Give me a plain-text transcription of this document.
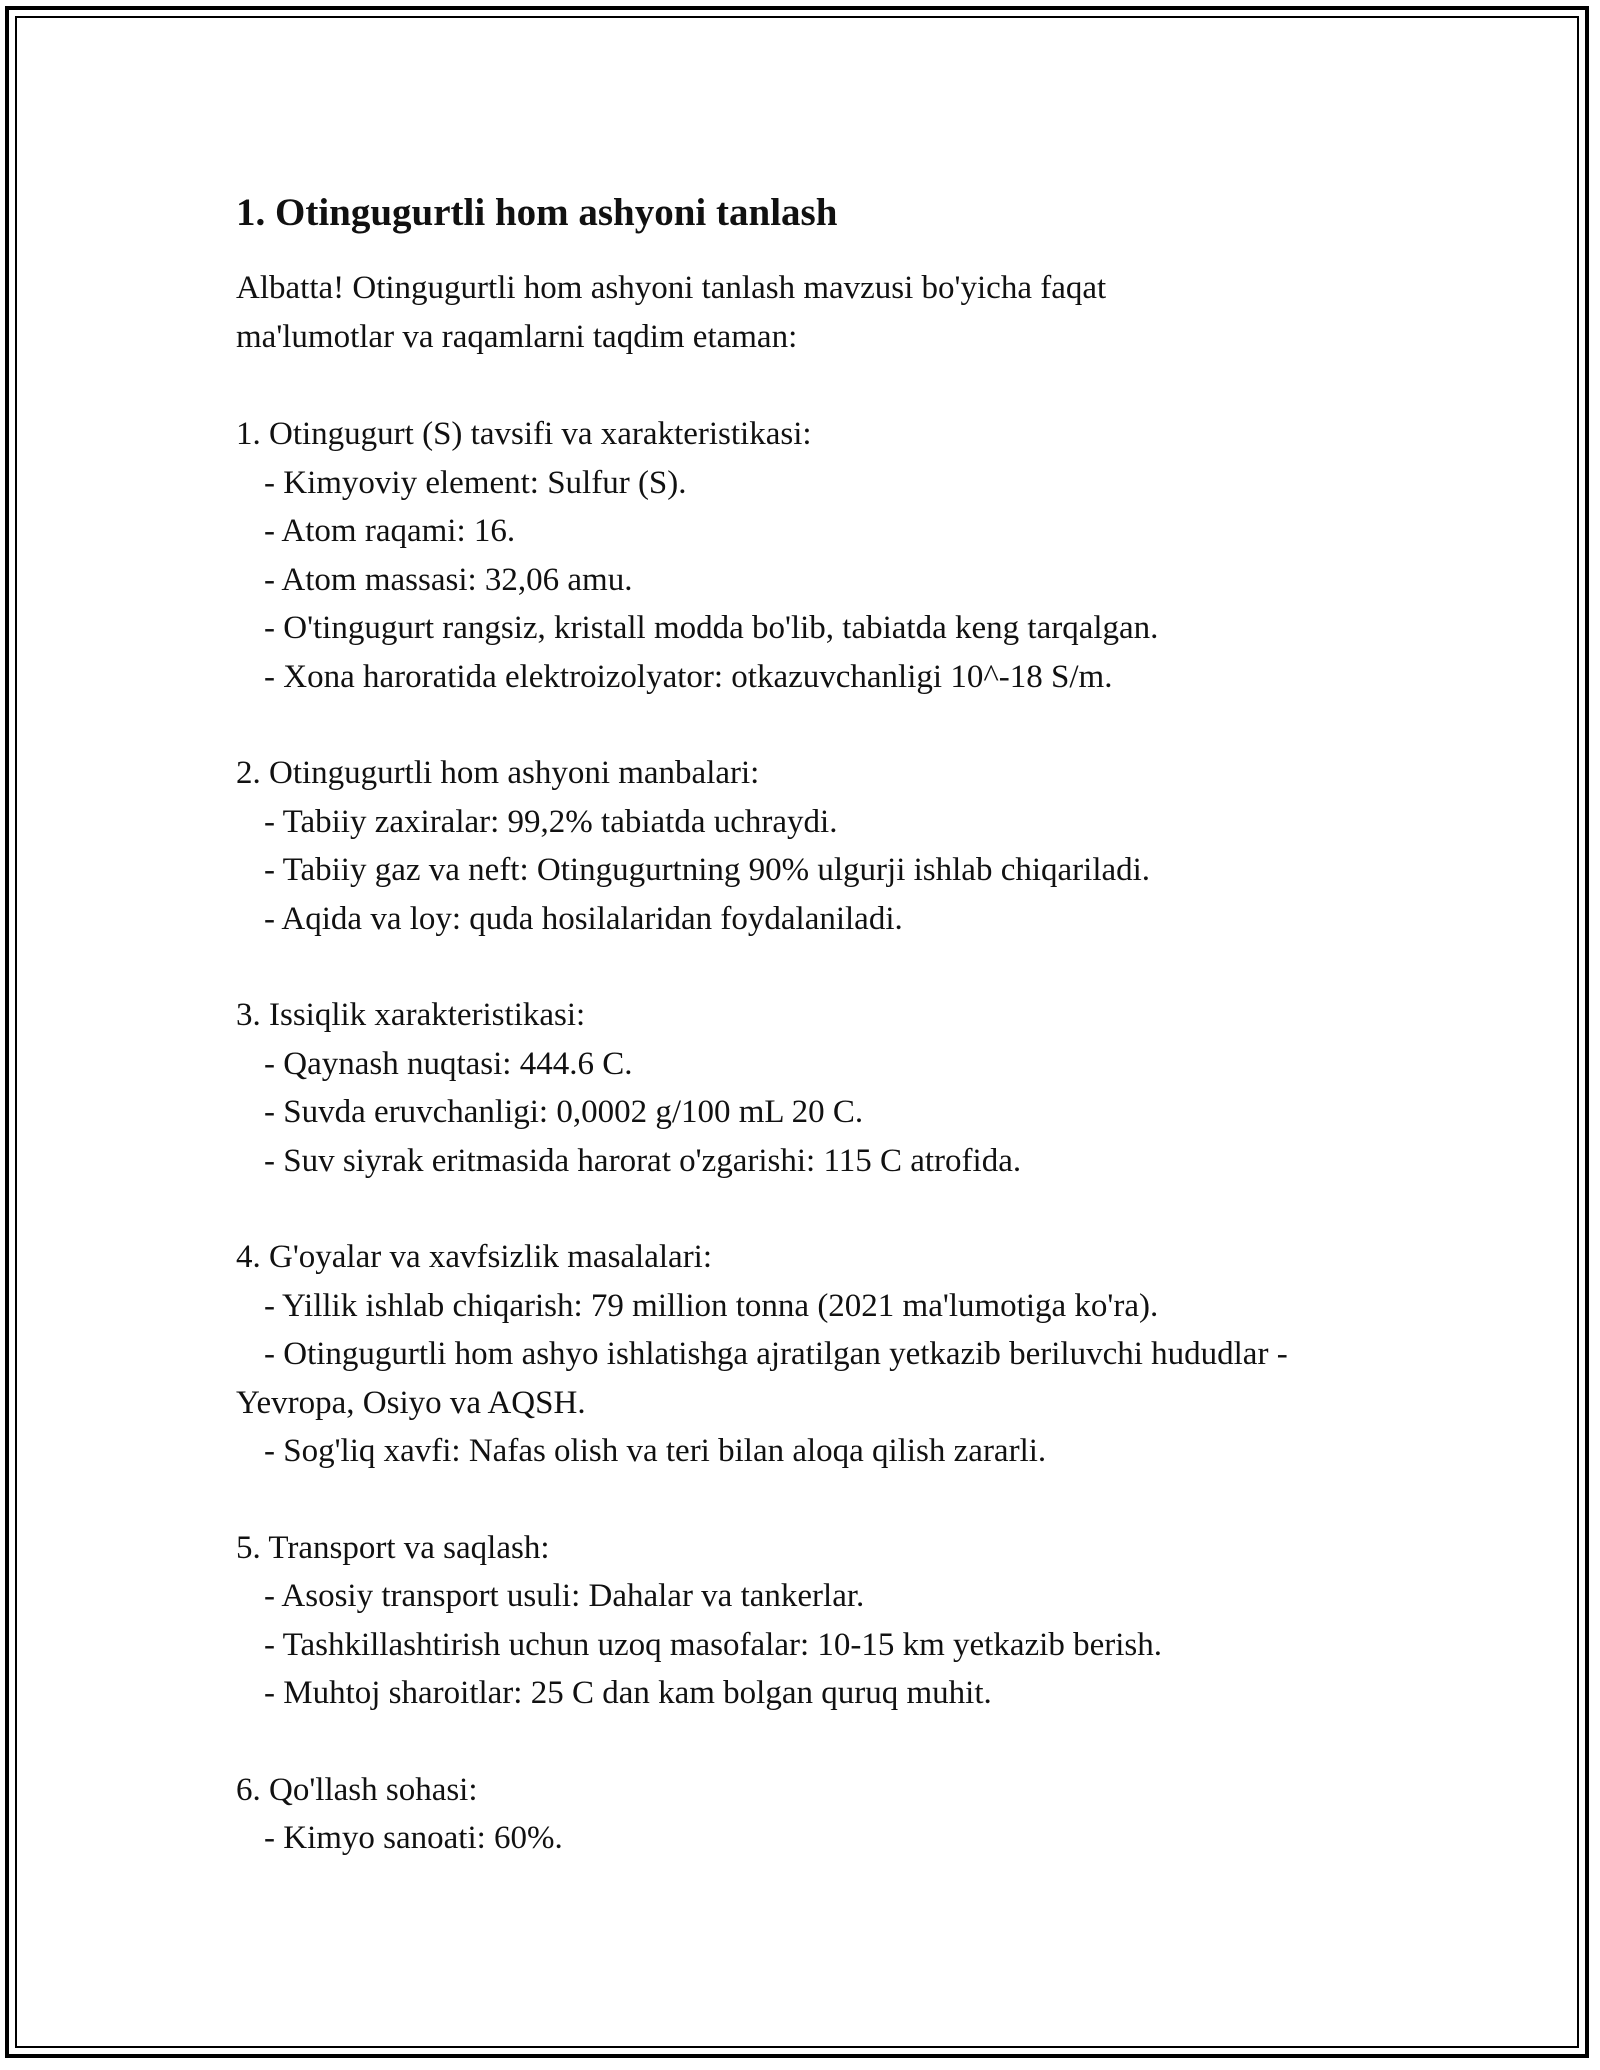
1. Otingugurtli hom ashyoni tanlash

Albatta! Otingugurtli hom ashyoni tanlash mavzusi bo'yicha faqat

ma'lumotlar va raqamlarni taqdim etaman:

1. Otingugurt (S) tavsifi va xarakteristikasi:

- Kimyoviy element: Sulfur (S).

- Atom raqami: 16.

- Atom massasi: 32,06 amu.

- O'tingugurt rangsiz, kristall modda bo'lib, tabiatda keng tarqalgan.

- Xona haroratida elektroizolyator: otkazuvchanligi 10^-18 S/m.

2. Otingugurtli hom ashyoni manbalari:

- Tabiiy zaxiralar: 99,2% tabiatda uchraydi.

- Tabiiy gaz va neft: Otingugurtning 90% ulgurji ishlab chiqariladi.

- Aqida va loy: quda hosilalaridan foydalaniladi.

3. Issiqlik xarakteristikasi:

- Qaynash nuqtasi: 444.6 C.

- Suvda eruvchanligi: 0,0002 g/100 mL 20 C.

- Suv siyrak eritmasida harorat o'zgarishi: 115 C atrofida.

4. G'oyalar va xavfsizlik masalalari:

- Yillik ishlab chiqarish: 79 million tonna (2021 ma'lumotiga ko'ra).

- Otingugurtli hom ashyo ishlatishga ajratilgan yetkazib beriluvchi hududlar - Yevropa, Osiyo va AQSH.

- Sog'liq xavfi: Nafas olish va teri bilan aloqa qilish zararli.

5. Transport va saqlash:

- Asosiy transport usuli: Dahalar va tankerlar.

- Tashkillashtirish uchun uzoq masofalar: 10-15 km yetkazib berish.

- Muhtoj sharoitlar: 25 C dan kam bolgan quruq muhit.

6. Qo'llash sohasi:

- Kimyo sanoati: 60%.
